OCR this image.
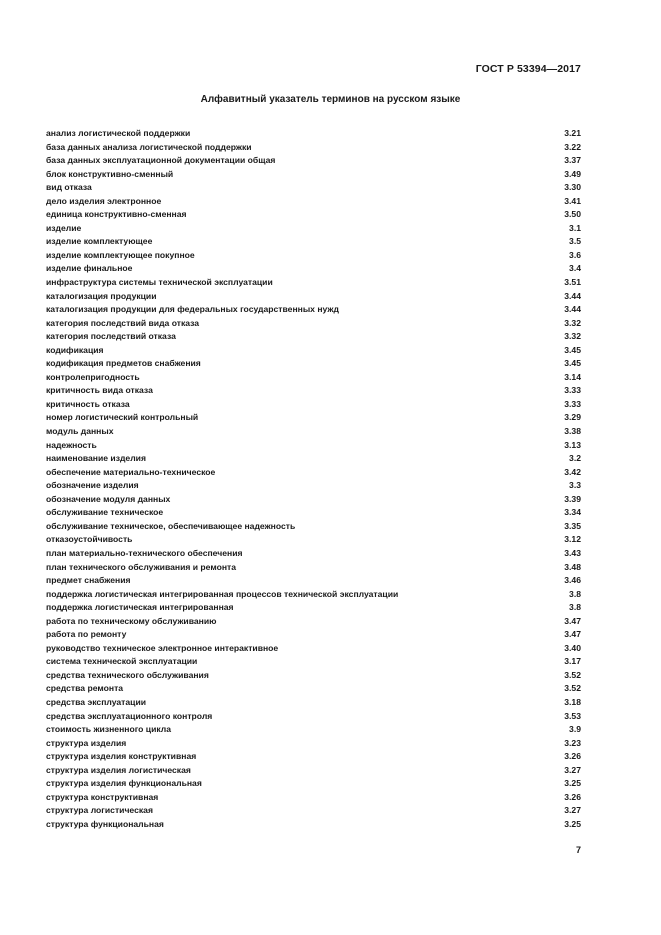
ГОСТ Р 53394—2017
Алфавитный указатель терминов на русском языке
анализ логистической поддержки	3.21
база данных анализа логистической поддержки	3.22
база данных эксплуатационной документации общая	3.37
блок конструктивно-сменный	3.49
вид отказа	3.30
дело изделия электронное	3.41
единица конструктивно-сменная	3.50
изделие	3.1
изделие комплектующее	3.5
изделие комплектующее покупное	3.6
изделие финальное	3.4
инфраструктура системы технической эксплуатации	3.51
каталогизация продукции	3.44
каталогизация продукции для федеральных государственных нужд	3.44
категория последствий вида отказа	3.32
категория последствий отказа	3.32
кодификация	3.45
кодификация предметов снабжения	3.45
контролепригодность	3.14
критичность вида отказа	3.33
критичность отказа	3.33
номер логистический контрольный	3.29
модуль данных	3.38
надежность	3.13
наименование изделия	3.2
обеспечение материально-техническое	3.42
обозначение изделия	3.3
обозначение модуля данных	3.39
обслуживание техническое	3.34
обслуживание техническое, обеспечивающее надежность	3.35
отказоустойчивость	3.12
план материально-технического обеспечения	3.43
план технического обслуживания и ремонта	3.48
предмет снабжения	3.46
поддержка логистическая интегрированная процессов технической эксплуатации	3.8
поддержка логистическая интегрированная	3.8
работа по техническому обслуживанию	3.47
работа по ремонту	3.47
руководство техническое электронное интерактивное	3.40
система технической эксплуатации	3.17
средства технического обслуживания	3.52
средства ремонта	3.52
средства эксплуатации	3.18
средства эксплуатационного контроля	3.53
стоимость жизненного цикла	3.9
структура изделия	3.23
структура изделия конструктивная	3.26
структура изделия логистическая	3.27
структура изделия функциональная	3.25
структура конструктивная	3.26
структура логистическая	3.27
структура функциональная	3.25
7
